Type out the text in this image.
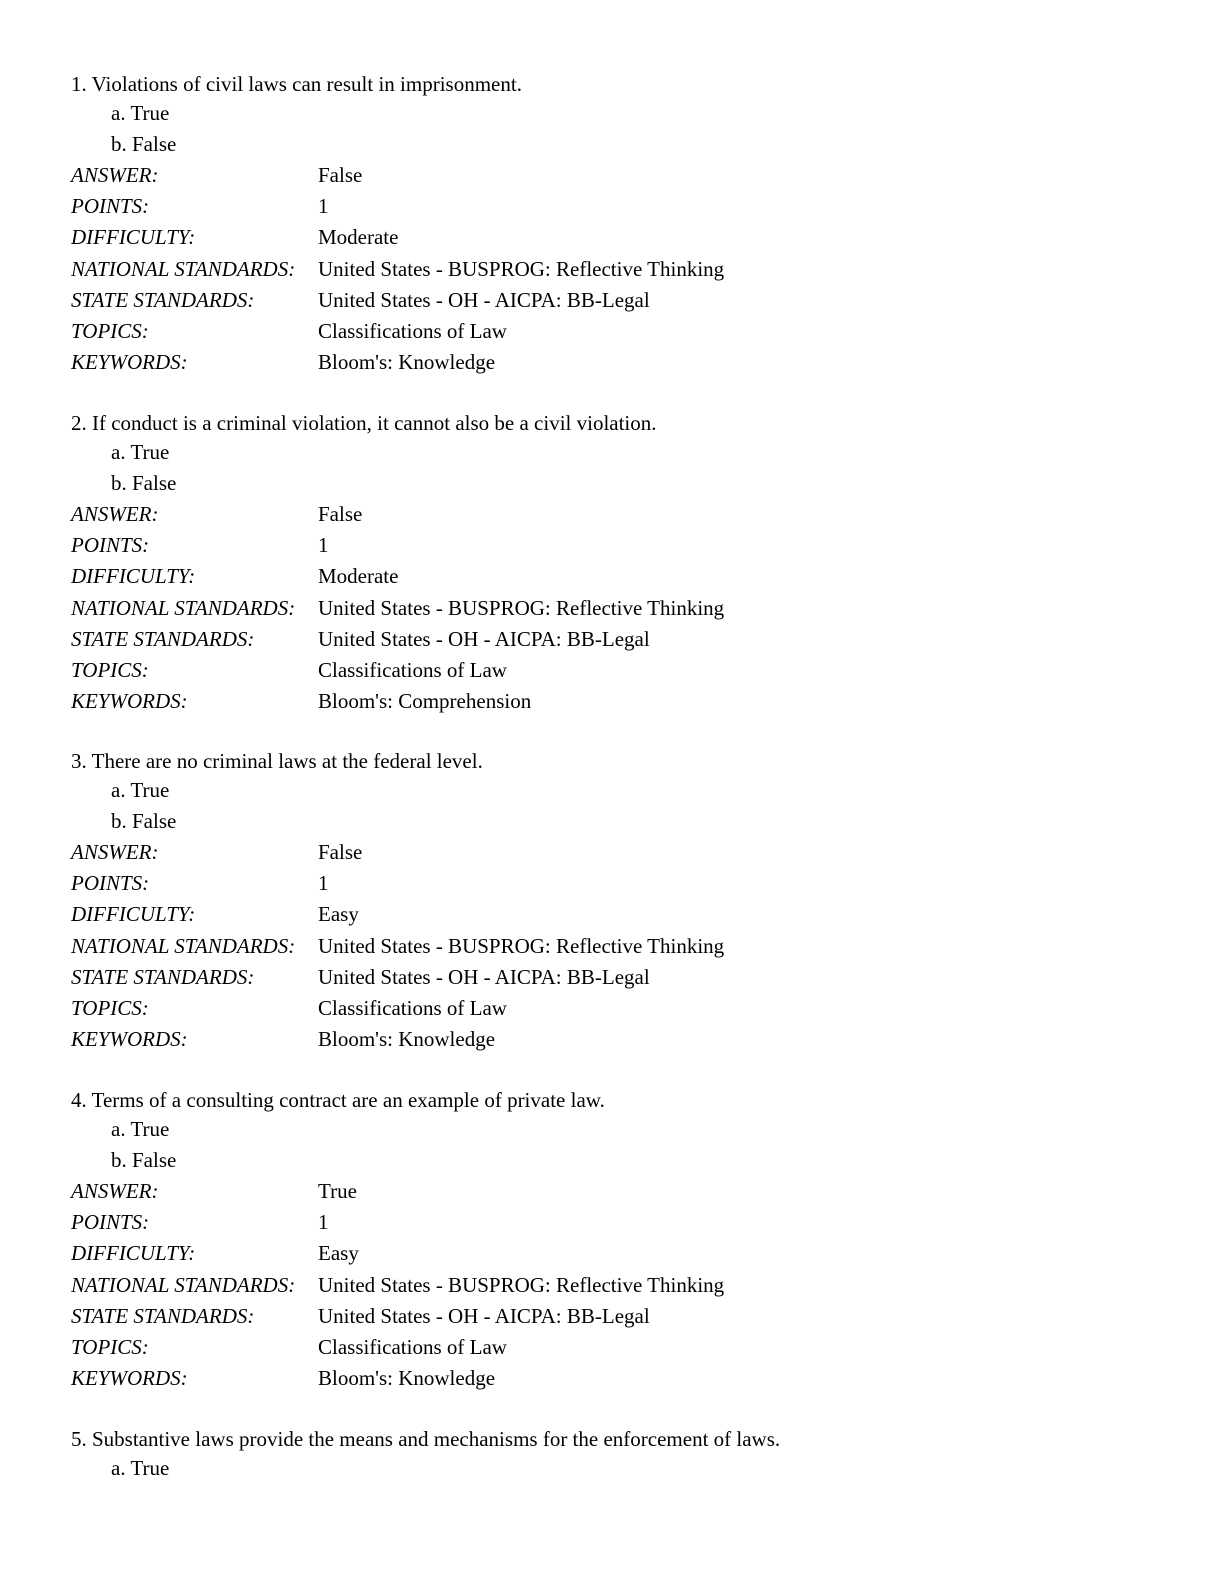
1. Violations of civil laws can result in imprisonment.
a. True
b. False
ANSWER:	False
POINTS:	1
DIFFICULTY:	Moderate
NATIONAL STANDARDS:	United States - BUSPROG: Reflective Thinking
STATE STANDARDS:	United States - OH - AICPA: BB-Legal
TOPICS:	Classifications of Law
KEYWORDS:	Bloom's: Knowledge
2. If conduct is a criminal violation, it cannot also be a civil violation.
a. True
b. False
ANSWER:	False
POINTS:	1
DIFFICULTY:	Moderate
NATIONAL STANDARDS:	United States - BUSPROG: Reflective Thinking
STATE STANDARDS:	United States - OH - AICPA: BB-Legal
TOPICS:	Classifications of Law
KEYWORDS:	Bloom's: Comprehension
3. There are no criminal laws at the federal level.
a. True
b. False
ANSWER:	False
POINTS:	1
DIFFICULTY:	Easy
NATIONAL STANDARDS:	United States - BUSPROG: Reflective Thinking
STATE STANDARDS:	United States - OH - AICPA: BB-Legal
TOPICS:	Classifications of Law
KEYWORDS:	Bloom's: Knowledge
4. Terms of a consulting contract are an example of private law.
a. True
b. False
ANSWER:	True
POINTS:	1
DIFFICULTY:	Easy
NATIONAL STANDARDS:	United States - BUSPROG: Reflective Thinking
STATE STANDARDS:	United States - OH - AICPA: BB-Legal
TOPICS:	Classifications of Law
KEYWORDS:	Bloom's: Knowledge
5. Substantive laws provide the means and mechanisms for the enforcement of laws.
a. True
